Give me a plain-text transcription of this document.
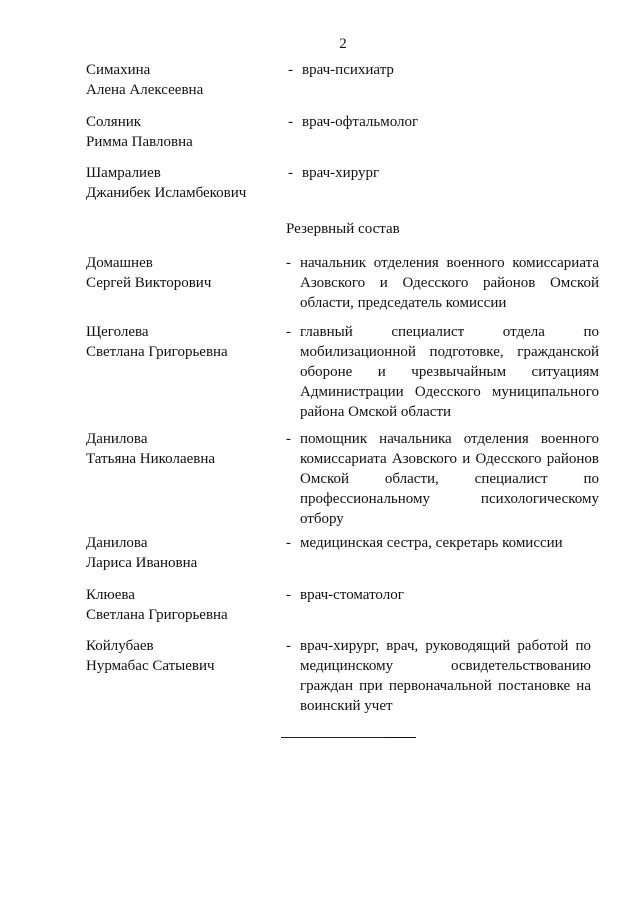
2
Симахина
Алена Алексеевна
- врач-психиатр
Соляник
Римма Павловна
- врач-офтальмолог
Шамралиев
Джанибек Исламбекович
- врач-хирург
Резервный состав
Домашнев
Сергей Викторович
- начальник отделения военного комиссариата Азовского и Одесского районов Омской области, председатель комиссии
Щеголева
Светлана Григорьевна
- главный специалист отдела по мобилизационной подготовке, гражданской обороне и чрезвычайным ситуациям Администрации Одесского муниципального района Омской области
Данилова
Татьяна Николаевна
- помощник начальника отделения военного комиссариата Азовского и Одесского районов Омской области, специалист по профессиональному психологическому отбору
Данилова
Лариса Ивановна
- медицинская сестра, секретарь комиссии
Клюева
Светлана Григорьевна
- врач-стоматолог
Койлубаев
Нурмабас Сатыевич
- врач-хирург, врач, руководящий работой по медицинскому освидетельствованию граждан при первоначальной постановке на воинский учет
